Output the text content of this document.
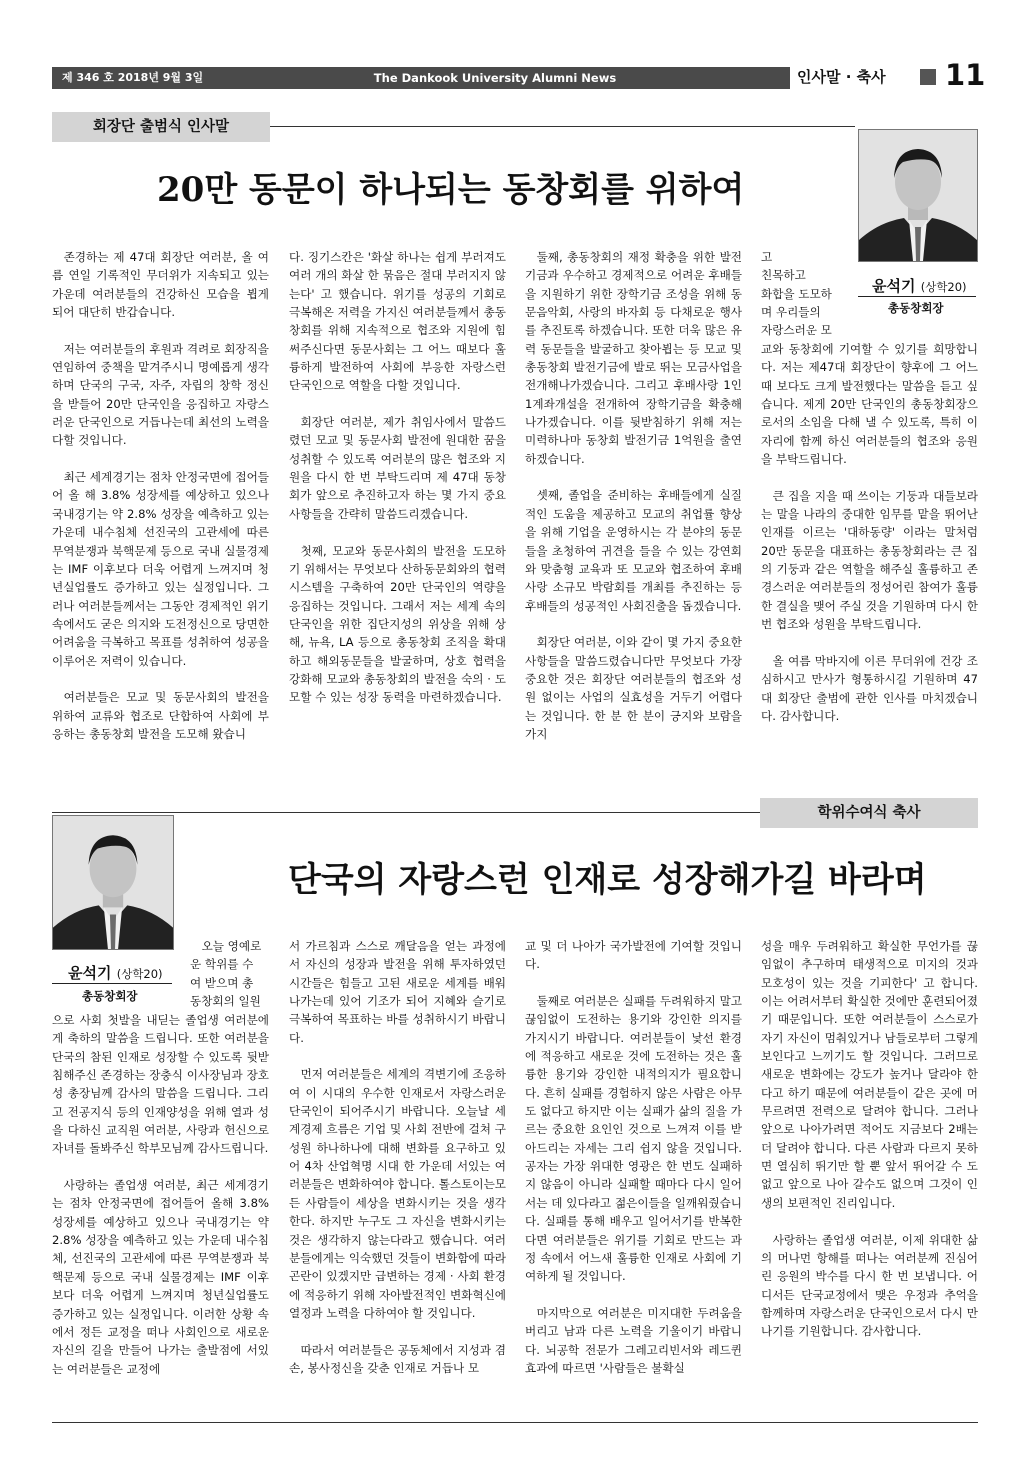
제 346 호 2018년 9월 3일	The Dankook University Alumni News	인사말 · 축사 11
회장단 출범식 인사말
20만 동문이 하나되는 동창회를 위하여
윤석기 (상학20)
총동창회장

존경하는 제 47대 회장단 여러분, 올 여름 연일 기록적인 무더위가 지속되고 있는 가운데 여러분들의 건강하신 모습을 뵙게 되어 대단히 반갑습니다.

저는 여러분들의 후원과 격려로 회장직을 연임하여 중책을 맡겨주시니 명예롭게 생각하며 단국의 구국, 자주, 자립의 창학 정신을 받들어 20만 단국인을 응집하고 자랑스러운 단국인으로 거듭나는데 최선의 노력을 다할 것입니다.

최근 세계경기는 점차 안정국면에 접어들어 올 해 3.8% 성장세를 예상하고 있으나 국내경기는 약 2.8% 성장을 예측하고 있는 가운데 내수침체 선진국의 고관세에 따른 무역분쟁과 북핵문제 등으로 국내 실물경제는 IMF 이후보다 더욱 어렵게 느껴지며 청년실업률도 증가하고 있는 실정입니다. 그러나 여러분들께서는 그동안 경제적인 위기 속에서도 굳은 의지와 도전정신으로 당면한 어려움을 극복하고 목표를 성취하여 성공을 이루어온 저력이 있습니다.

여러분들은 모교 및 동문사회의 발전을 위하여 교류와 협조로 단합하여 사회에 부응하는 총동창회 발전을 도모해 왔습니

다. 징기스칸은 '화살 하나는 쉽게 부러져도 여러 개의 화살 한 묶음은 절대 부러지지 않는다' 고 했습니다. 위기를 성공의 기회로 극복해온 저력을 가지신 여러분들께서 총동창회를 위해 지속적으로 협조와 지원에 힘써주신다면 동문사회는 그 어느 때보다 훌륭하게 발전하여 사회에 부응한 자랑스런 단국인으로 역할을 다할 것입니다.

회장단 여러분, 제가 취임사에서 말씀드렸던 모교 및 동문사회 발전에 원대한 꿈을 성취할 수 있도록 여러분의 많은 협조와 지원을 다시 한 번 부탁드리며 제 47대 동창회가 앞으로 추진하고자 하는 몇 가지 중요 사항들을 간략히 말씀드리겠습니다.

첫째, 모교와 동문사회의 발전을 도모하기 위해서는 무엇보다 산하동문회와의 협력시스템을 구축하여 20만 단국인의 역량을 응집하는 것입니다. 그래서 저는 세계 속의 단국인을 위한 집단지성의 위상을 위해 상해, 뉴욕, LA 등으로 총동창회 조직을 확대하고 해외동문들을 발굴하며, 상호 협력을 강화해 모교와 총동창회의 발전을 숙의 · 도모할 수 있는 성장 동력을 마련하겠습니다.

둘째, 총동창회의 재정 확충을 위한 발전기금과 우수하고 경제적으로 어려운 후배들을 지원하기 위한 장학기금 조성을 위해 동문음악회, 사랑의 바자회 등 다채로운 행사를 추진토록 하겠습니다. 또한 더욱 많은 유력 동문들을 발굴하고 찾아뵙는 등 모교 및 총동창회 발전기금에 발로 뛰는 모금사업을 전개해나가겠습니다. 그리고 후배사랑 1인 1계좌개설을 전개하여 장학기금을 확충해 나가겠습니다. 이를 뒷받침하기 위해 저는 미력하나마 동창회 발전기금 1억원을 출연하겠습니다.

셋째, 졸업을 준비하는 후배들에게 실질적인 도움을 제공하고 모교의 취업률 향상을 위해 기업을 운영하시는 각 분야의 동문들을 초청하여 귀견을 들을 수 있는 강연회와 맞춤형 교육과 또 모교와 협조하여 후배사랑 소규모 박람회를 개최를 추진하는 등 후배들의 성공적인 사회진출을 돕겠습니다.

회장단 여러분, 이와 같이 몇 가지 중요한 사항들을 말씀드렸습니다만 무엇보다 가장 중요한 것은 회장단 여러분들의 협조와 성원 없이는 사업의 실효성을 거두기 어렵다는 것입니다. 한 분 한 분이 긍지와 보람을 가지

고
친목하고
화합을 도모하
며 우리들의
자랑스러운 모

교와 동창회에 기여할 수 있기를 희망합니다. 저는 제47대 회장단이 향후에 그 어느 때 보다도 크게 발전했다는 말씀을 듣고 싶습니다. 제게 20만 단국인의 총동창회장으로서의 소임을 다해 낼 수 있도록, 특히 이 자리에 함께 하신 여러분들의 협조와 응원을 부탁드립니다.

큰 집을 지을 때 쓰이는 기둥과 대들보라는 말을 나라의 중대한 임무를 맡을 뛰어난 인재를 이르는 '대하동량' 이라는 말처럼 20만 동문을 대표하는 총동창회라는 큰 집의 기둥과 같은 역할을 해주실 훌륭하고 존경스러운 여러분들의 정성어린 참여가 훌륭한 결실을 맺어 주실 것을 기원하며 다시 한 번 협조와 성원을 부탁드립니다.

올 여름 막바지에 이른 무더위에 건강 조심하시고 만사가 형통하시길 기원하며 47대 회장단 출범에 관한 인사를 마치겠습니다. 감사합니다.

학위수여식 축사
윤석기 (상학20)
총동창회장
단국의 자랑스런 인재로 성장해가길 바라며
오늘 영예로
운 학위를 수
여 받으며 총
동창회의 일원

으로 사회 첫발을 내딛는 졸업생 여러분에게 축하의 말씀을 드립니다. 또한 여러분을 단국의 참된 인재로 성장할 수 있도록 뒷받침해주신 존경하는 장충식 이사장님과 장호성 총장님께 감사의 말씀을 드립니다. 그리고 전공지식 등의 인재양성을 위해 열과 성을 다하신 교직원 여러분, 사랑과 헌신으로 자녀를 돌봐주신 학부모님께 감사드립니다.

사랑하는 졸업생 여러분, 최근 세계경기는 점차 안정국면에 접어들어 올해 3.8% 성장세를 예상하고 있으나 국내경기는 약 2.8% 성장을 예측하고 있는 가운데 내수침체, 선진국의 고관세에 따른 무역분쟁과 북핵문제 등으로 국내 실물경제는 IMF 이후보다 더욱 어렵게 느껴지며 청년실업률도 증가하고 있는 실정입니다. 이러한 상황 속에서 정든 교정을 떠나 사회인으로 새로운 자신의 길을 만들어 나가는 출발점에 서있는 여러분들은 교정에

서 가르침과 스스로 깨달음을 얻는 과정에서 자신의 성장과 발전을 위해 투자하였던 시간들은 힘들고 고된 새로운 세계를 배워나가는데 있어 기조가 되어 지혜와 슬기로 극복하여 목표하는 바를 성취하시기 바랍니다.

먼저 여러분들은 세계의 격변기에 조응하여 이 시대의 우수한 인재로서 자랑스러운 단국인이 되어주시기 바랍니다. 오늘날 세계경제 흐름은 기업 및 사회 전반에 걸쳐 구성원 하나하나에 대해 변화를 요구하고 있어 4차 산업혁명 시대 한 가운데 서있는 여러분들은 변화하여야 합니다. 톨스토이는모든 사람들이 세상을 변화시키는 것을 생각한다. 하지만 누구도 그 자신을 변화시키는 것은 생각하지 않는다라고 했습니다. 여러분들에게는 익숙했던 것들이 변화함에 따라 곤란이 있겠지만 급변하는 경제 · 사회 환경에 적응하기 위해 자아발전적인 변화혁신에 열정과 노력을 다하여야 할 것입니다.

따라서 여러분들은 공동체에서 지성과 겸손, 봉사정신을 갖춘 인재로 거듭나 모

교 및 더 나아가 국가발전에 기여할 것입니다.

둘째로 여러분은 실패를 두려워하지 말고 끊임없이 도전하는 용기와 강인한 의지를 가지시기 바랍니다. 여러분들이 낯선 환경에 적응하고 새로운 것에 도전하는 것은 훌륭한 용기와 강인한 내적의지가 필요합니다. 흔히 실패를 경험하지 않은 사람은 아무도 없다고 하지만 이는 실패가 삶의 질을 가르는 중요한 요인인 것으로 느껴져 이를 받아드리는 자세는 그리 쉽지 않을 것입니다. 공자는 가장 위대한 영광은 한 번도 실패하지 않음이 아니라 실패할 때마다 다시 일어서는 데 있다라고 젊은이들을 일깨워줬습니다. 실패를 통해 배우고 일어서기를 반복한다면 여러분들은 위기를 기회로 만드는 과정 속에서 어느새 훌륭한 인재로 사회에 기여하게 될 것입니다.

마지막으로 여러분은 미지대한 두려움을 버리고 남과 다른 노력을 기울이기 바랍니다. 뇌공학 전문가 그레고리빈서와 레드퀸 효과에 따르면 '사람들은 불확실

성을 매우 두려워하고 확실한 무언가를 끊임없이 추구하며 태생적으로 미지의 것과 모호성이 있는 것을 기피한다' 고 합니다. 이는 어려서부터 확실한 것에만 훈련되어졌기 때문입니다. 또한 여러분들이 스스로가 자기 자신이 멈춰있거나 남들로부터 그렇게 보인다고 느끼기도 할 것입니다. 그러므로 새로운 변화에는 강도가 높거나 달라야 한다고 하기 때문에 여러분들이 같은 곳에 머무르려면 전력으로 달려야 합니다. 그러나 앞으로 나아가려면 적어도 지금보다 2배는 더 달려야 합니다. 다른 사람과 다르지 못하면 열심히 뛰기만 할 뿐 앞서 뛰어갈 수 도 없고 앞으로 나아 갈수도 없으며 그것이 인생의 보편적인 진리입니다.

사랑하는 졸업생 여러분, 이제 위대한 삶의 머나먼 항해를 떠나는 여러분께 진심어린 응원의 박수를 다시 한 번 보냅니다. 어디서든 단국교정에서 맺은 우정과 추억을 함께하며 자랑스러운 단국인으로서 다시 만나기를 기원합니다. 감사합니다.
